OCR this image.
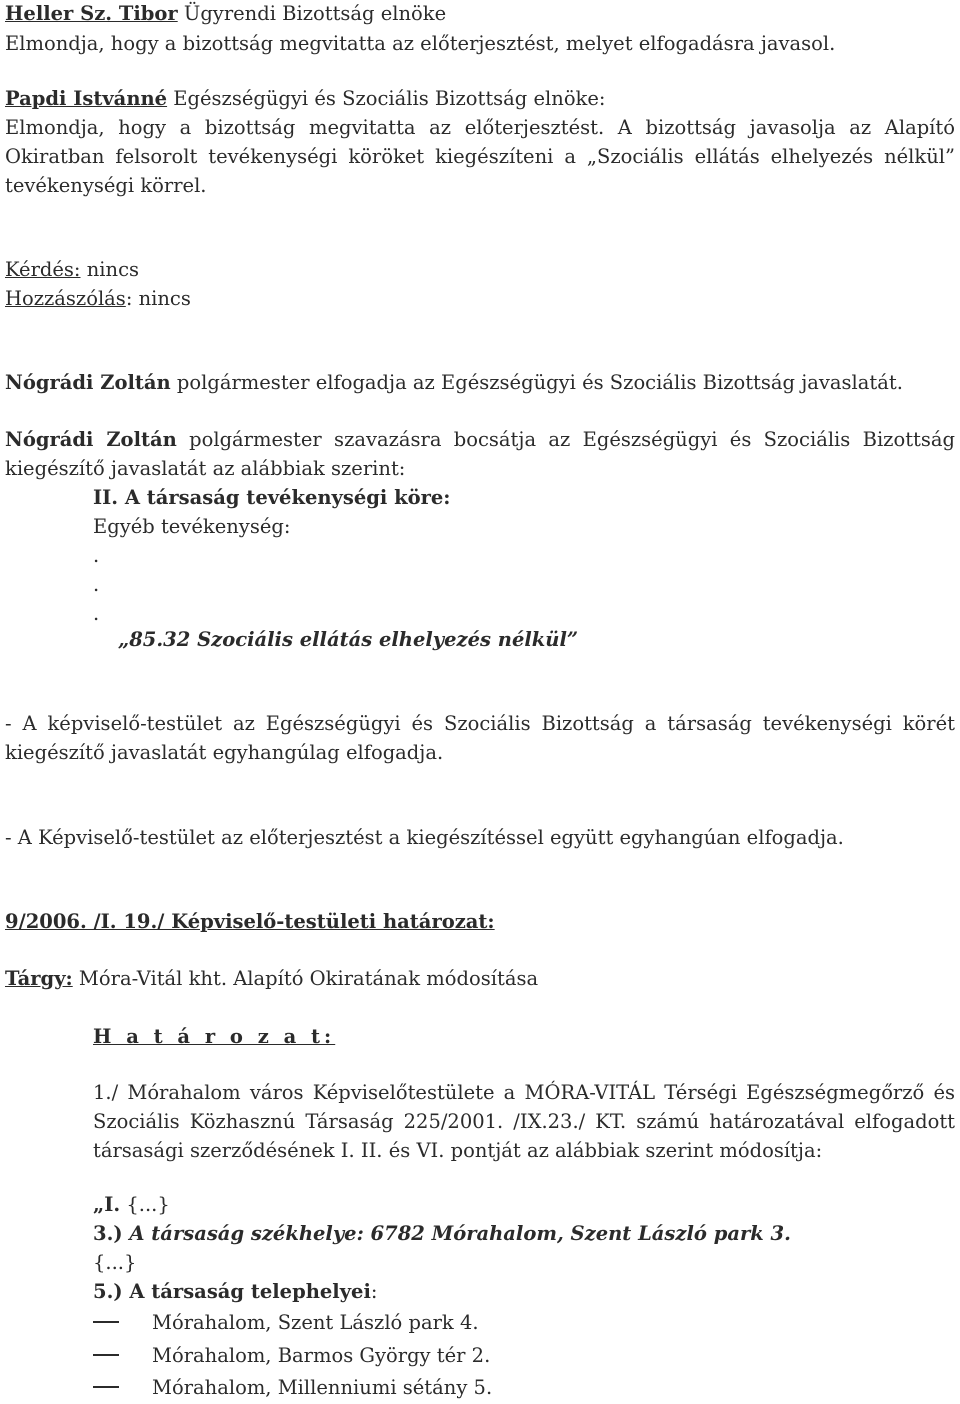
Heller Sz. Tibor Ügyrendi Bizottság elnöke
Elmondja, hogy a bizottság megvitatta az előterjesztést, melyet elfogadásra javasol.
Papdi Istvánné Egészségügyi és Szociális Bizottság elnöke:
Elmondja, hogy a bizottság megvitatta az előterjesztést. A bizottság javasolja az Alapító
Okiratban felsorolt tevékenységi köröket kiegészíteni a „Szociális ellátás elhelyezés nélkül”
tevékenységi körrel.
Kérdés: nincs
Hozzászólás: nincs
Nógrádi Zoltán polgármester elfogadja az Egészségügyi és Szociális Bizottság javaslatát.
Nógrádi Zoltán polgármester szavazásra bocsátja az Egészségügyi és Szociális Bizottság
kiegészítő javaslatát az alábbiak szerint:
II. A társaság tevékenységi köre:
Egyéb tevékenység:
.
.
.
„85.32 Szociális ellátás elhelyezés nélkül”
- A képviselő-testület az Egészségügyi és Szociális Bizottság a társaság tevékenységi körét
kiegészítő javaslatát egyhangúlag elfogadja.
- A Képviselő-testület az előterjesztést a kiegészítéssel együtt egyhangúan elfogadja.
9/2006. /I. 19./ Képviselő-testületi határozat:
Tárgy: Móra-Vitál kht. Alapító Okiratának módosítása
H a t á r o z a t:
1./ Mórahalom város Képviselőtestülete a MÓRA-VITÁL Térségi Egészségmegőrző és
Szociális Közhasznú Társaság 225/2001. /IX.23./ KT. számú határozatával elfogadott
társasági szerződésének I. II. és VI. pontját az alábbiak szerint módosítja:
„I. {...}
3.) A társaság székhelye: 6782 Mórahalom, Szent László park 3.
{...}
5.) A társaság telephelyei:
Mórahalom, Szent László park 4.
Mórahalom, Barmos György tér 2.
Mórahalom, Millenniumi sétány 5.
